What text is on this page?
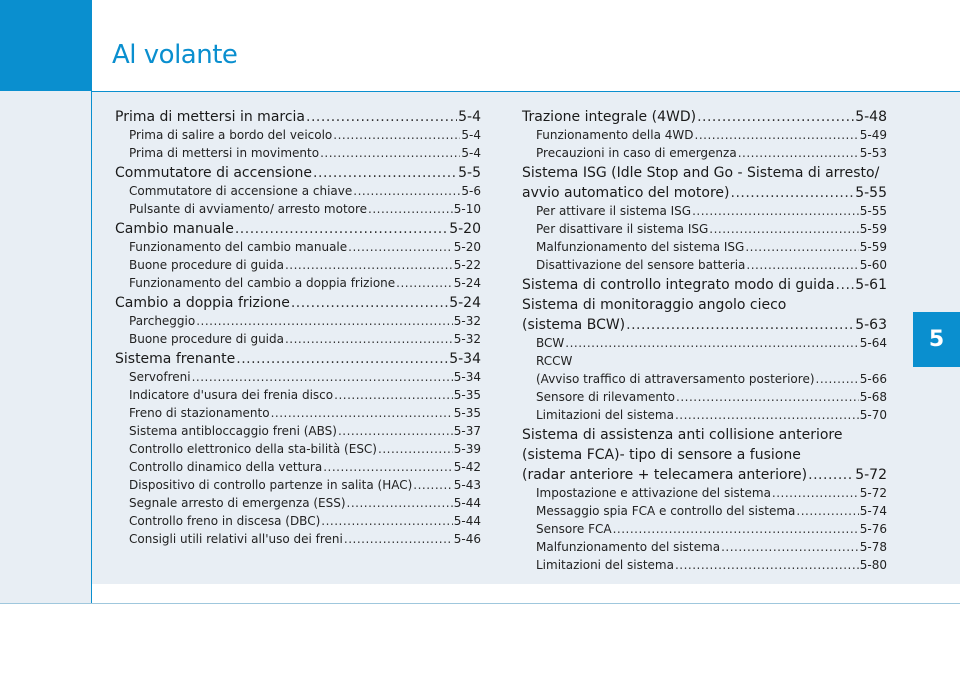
Al volante
5
Prima di mettersi in marcia .....	5-4
Prima di salire a bordo del veicolo .....	5-4
Prima di mettersi in movimento .....	5-4
Commutatore di accensione .....	5-5
Commutatore di accensione a chiave .....	5-6
Pulsante di avviamento/ arresto motore .....	5-10
Cambio manuale .....	5-20
Funzionamento del cambio manuale .....	5-20
Buone procedure di guida .....	5-22
Funzionamento del cambio a doppia frizione .....	5-24
Cambio a doppia frizione .....	5-24
Parcheggio .....	5-32
Buone procedure di guida .....	5-32
Sistema frenante .....	5-34
Servofreni .....	5-34
Indicatore d'usura dei frenia disco .....	5-35
Freno di stazionamento .....	5-35
Sistema antibloccaggio freni (ABS) .....	5-37
Controllo elettronico della sta-bilità (ESC) .....	5-39
Controllo dinamico della vettura .....	5-42
Dispositivo di controllo partenze in salita (HAC) .....	5-43
Segnale arresto di emergenza (ESS) .....	5-44
Controllo freno in discesa (DBC) .....	5-44
Consigli utili relativi all'uso dei freni .....	5-46
Trazione integrale (4WD) .....	5-48
Funzionamento della 4WD .....	5-49
Precauzioni in caso di emergenza .....	5-53
Sistema ISG (Idle Stop and Go - Sistema di arresto/
avvio automatico del motore) .....	5-55
Per attivare il sistema ISG .....	5-55
Per disattivare il sistema ISG .....	5-59
Malfunzionamento del sistema ISG .....	5-59
Disattivazione del sensore batteria .....	5-60
Sistema di controllo integrato modo di guida ..... 5-61
Sistema di monitoraggio angolo cieco
(sistema BCW) .....	5-63
BCW .....	5-64
RCCW
(Avviso traffico di attraversamento posteriore) .....	5-66
Sensore di rilevamento .....	5-68
Limitazioni del sistema .....	5-70
Sistema di assistenza anti collisione anteriore
(sistema FCA)- tipo di sensore a fusione
(radar anteriore + telecamera anteriore) .....	5-72
Impostazione e attivazione del sistema .....	5-72
Messaggio spia FCA e controllo del sistema .....	5-74
Sensore FCA .....	5-76
Malfunzionamento del sistema .....	5-78
Limitazioni del sistema .....	5-80
